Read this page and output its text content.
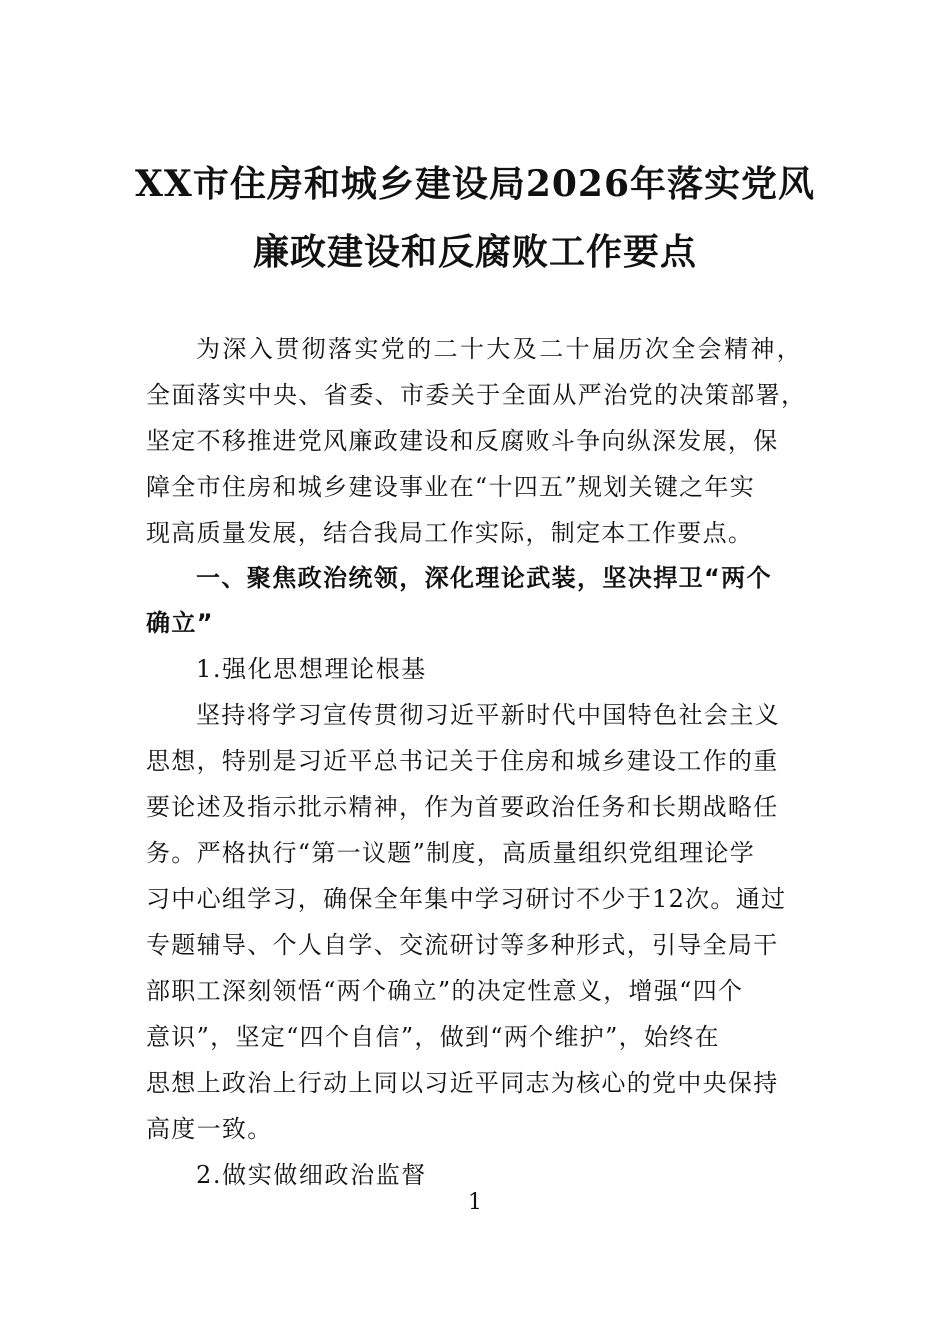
XX市住房和城乡建设局2026年落实党风
廉政建设和反腐败工作要点
为深入贯彻落实党的二十大及二十届历次全会精神，
全面落实中央、省委、市委关于全面从严治党的决策部署，
坚定不移推进党风廉政建设和反腐败斗争向纵深发展，保
障全市住房和城乡建设事业在“十四五”规划关键之年实
现高质量发展，结合我局工作实际，制定本工作要点。
一、聚焦政治统领，深化理论武装，坚决捍卫“两个
确立”
1.强化思想理论根基
坚持将学习宣传贯彻习近平新时代中国特色社会主义
思想，特别是习近平总书记关于住房和城乡建设工作的重
要论述及指示批示精神，作为首要政治任务和长期战略任
务。严格执行“第一议题”制度，高质量组织党组理论学
习中心组学习，确保全年集中学习研讨不少于12次。通过
专题辅导、个人自学、交流研讨等多种形式，引导全局干
部职工深刻领悟“两个确立”的决定性意义，增强“四个
意识”，坚定“四个自信”，做到“两个维护”，始终在
思想上政治上行动上同以习近平同志为核心的党中央保持
高度一致。
2.做实做细政治监督
1
